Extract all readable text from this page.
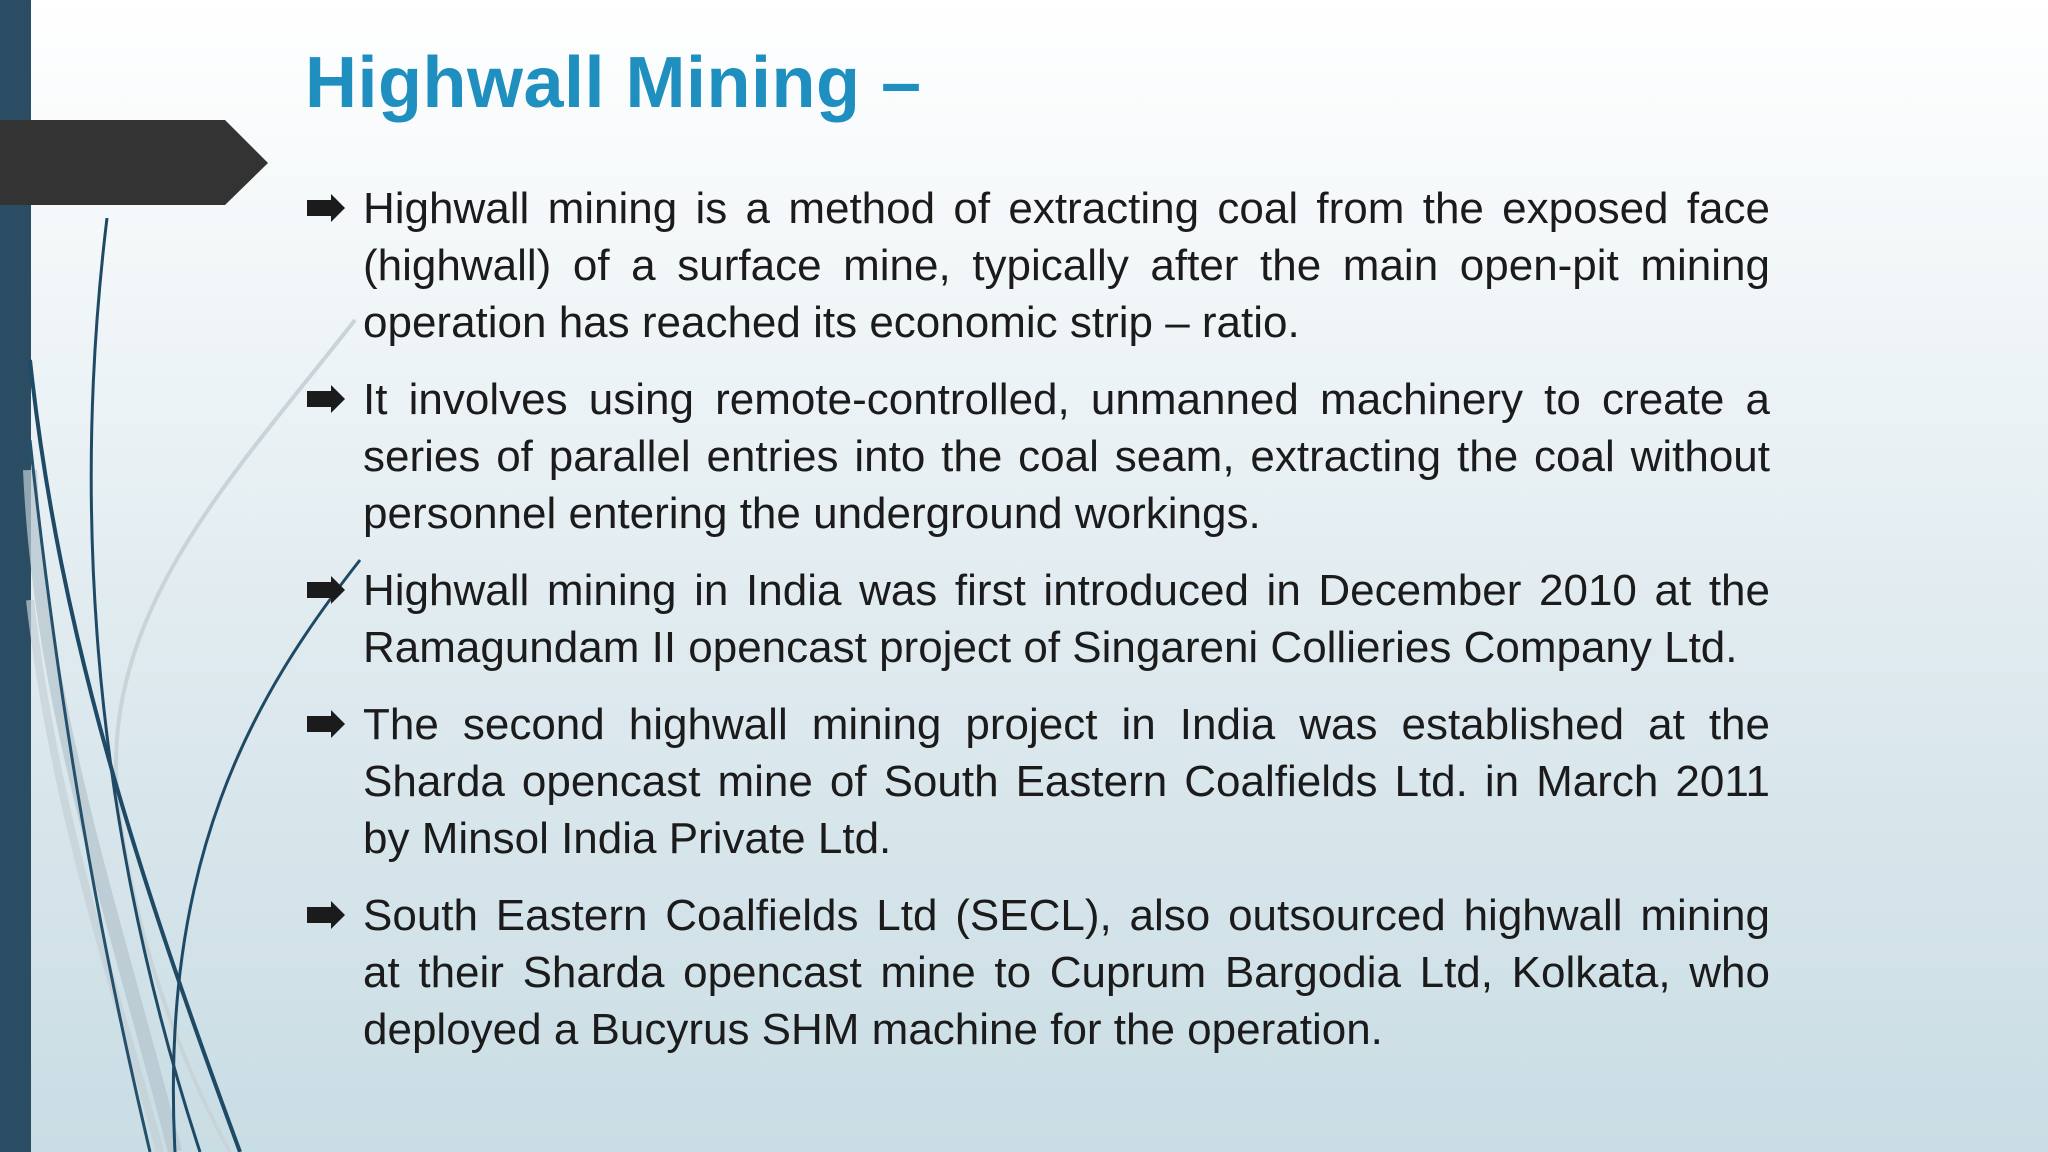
Highwall Mining –
Highwall mining is a method of extracting coal from the exposed face (highwall) of a surface mine, typically after the main open-pit mining operation has reached its economic strip – ratio.
It involves using remote-controlled, unmanned machinery to create a series of parallel entries into the coal seam, extracting the coal without personnel entering the underground workings.
Highwall mining in India was first introduced in December 2010 at the Ramagundam II opencast project of Singareni Collieries Company Ltd.
The second highwall mining project in India was established at the Sharda opencast mine of South Eastern Coalfields Ltd. in March 2011 by Minsol India Private Ltd.
South Eastern Coalfields Ltd (SECL), also outsourced highwall mining at their Sharda opencast mine to Cuprum Bargodia Ltd, Kolkata, who deployed a Bucyrus SHM machine for the operation.
